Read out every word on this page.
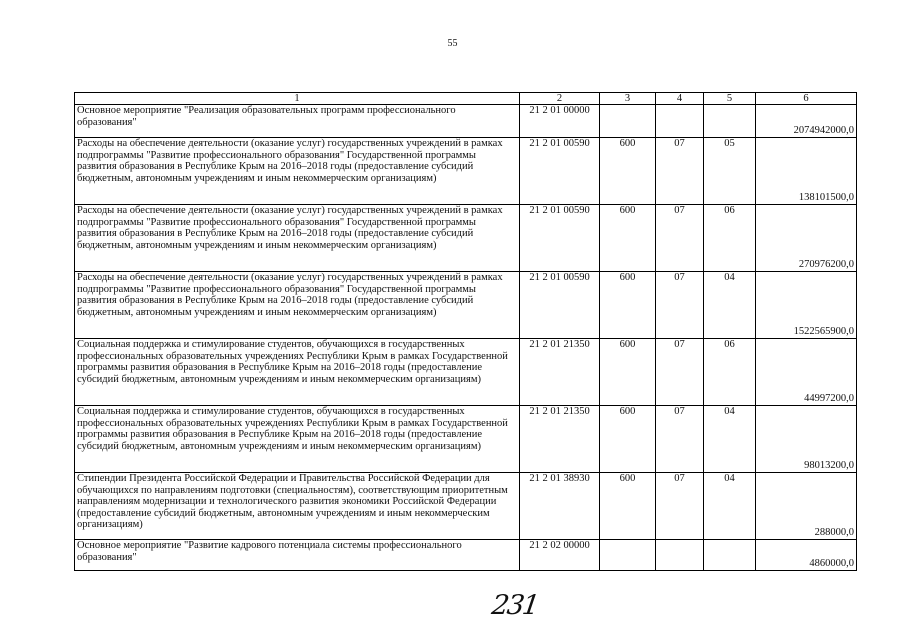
55
1	2	3	4	5	6
Основное мероприятие "Реализация образовательных программ профессионального образования"	21 2 01 00000				2074942000,0
Расходы на обеспечение деятельности (оказание услуг) государственных учреждений в рамках подпрограммы "Развитие профессионального образования" Государственной программы развития образования в Республике Крым на 2016–2018 годы (предоставление субсидий бюджетным, автономным учреждениям и иным некоммерческим организациям)	21 2 01 00590	600	07	05	138101500,0
Расходы на обеспечение деятельности (оказание услуг) государственных учреждений в рамках подпрограммы "Развитие профессионального образования" Государственной программы развития образования в Республике Крым на 2016–2018 годы (предоставление субсидий бюджетным, автономным учреждениям и иным некоммерческим организациям)	21 2 01 00590	600	07	06	270976200,0
Расходы на обеспечение деятельности (оказание услуг) государственных учреждений в рамках подпрограммы "Развитие профессионального образования" Государственной программы развития образования в Республике Крым на 2016–2018 годы (предоставление субсидий бюджетным, автономным учреждениям и иным некоммерческим организациям)	21 2 01 00590	600	07	04	1522565900,0
Социальная поддержка и стимулирование студентов, обучающихся в государственных профессиональных образовательных учреждениях Республики Крым в рамках Государственной программы развития образования в Республике Крым на 2016–2018 годы (предоставление субсидий бюджетным, автономным учреждениям и иным некоммерческим организациям)	21 2 01 21350	600	07	06	44997200,0
Социальная поддержка и стимулирование студентов, обучающихся в государственных профессиональных образовательных учреждениях Республики Крым в рамках Государственной программы развития образования в Республике Крым на 2016–2018 годы (предоставление субсидий бюджетным, автономным учреждениям и иным некоммерческим организациям)	21 2 01 21350	600	07	04	98013200,0
Стипендии Президента Российской Федерации и Правительства Российской Федерации для обучающихся по направлениям подготовки (специальностям), соответствующим приоритетным направлениям модернизации и технологического развития экономики Российской Федерации (предоставление субсидий бюджетным, автономным учреждениям и иным некоммерческим организациям)	21 2 01 38930	600	07	04	288000,0
Основное мероприятие "Развитие кадрового потенциала системы профессионального образования"	21 2 02 00000				4860000,0
231
